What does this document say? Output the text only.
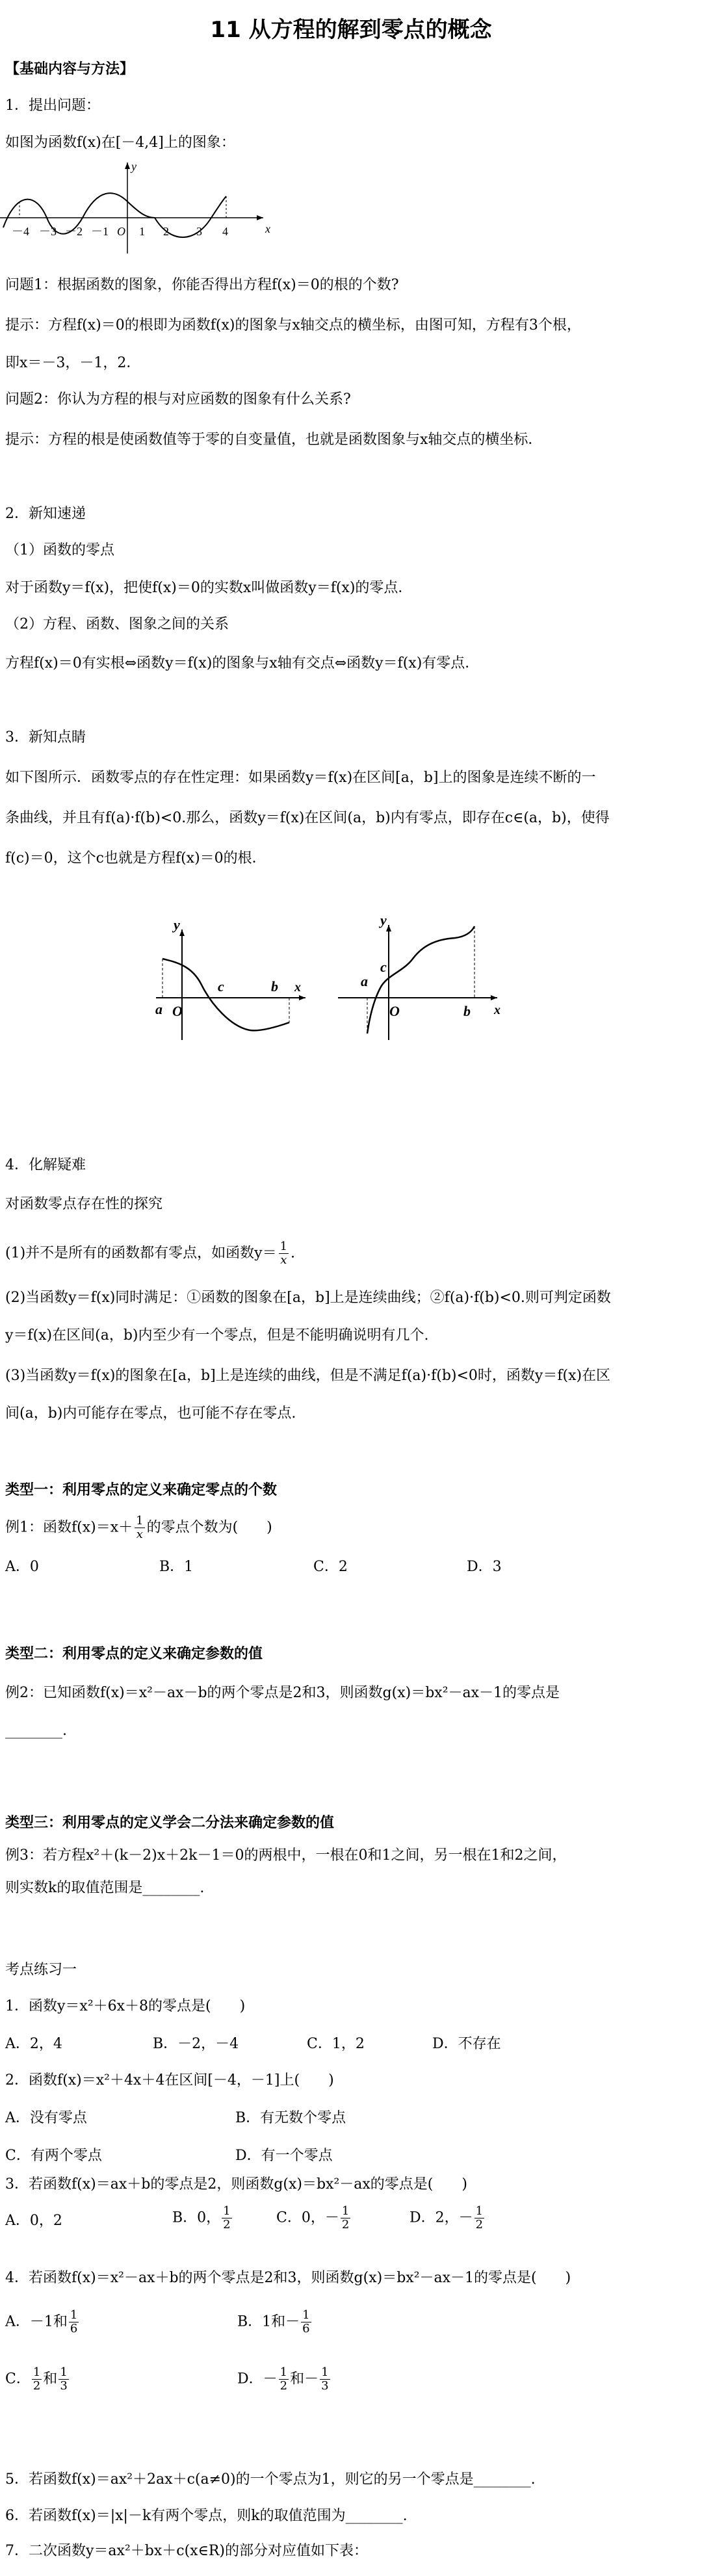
11 从方程的解到零点的概念
【基础内容与方法】
1．提出问题：
如图为函数f(x)在[－4,4]上的图象：
y
x
－4 －3 －2 －1 O 1 2 3 4
问题1：根据函数的图象，你能否得出方程f(x)＝0的根的个数?
提示：方程f(x)＝0的根即为函数f(x)的图象与x轴交点的横坐标，由图可知，方程有3个根，
即x＝－3，－1，2．
问题2：你认为方程的根与对应函数的图象有什么关系?
提示：方程的根是使函数值等于零的自变量值，也就是函数图象与x轴交点的横坐标．
2．新知速递
（1）函数的零点
对于函数y＝f(x)，把使f(x)＝0的实数x叫做函数y＝f(x)的零点．
（2）方程、函数、图象之间的关系
方程f(x)＝0有实根⇔函数y＝f(x)的图象与x轴有交点⇔函数y＝f(x)有零点．
3．新知点睛
如下图所示．函数零点的存在性定理：如果函数y＝f(x)在区间[a，b]上的图象是连续不断的一
条曲线，并且有f(a)·f(b)<0.那么，函数y＝f(x)在区间(a，b)内有零点，即存在c∈(a，b)，使得
f(c)＝0，这个c也就是方程f(x)＝0的根．
y
x
a O
c	b
y
x
a
O
c
b
4．化解疑难
对函数零点存在性的探究
(1)并不是所有的函数都有零点，如函数$y= \frac{1}{x}$ .
(2)当函数y＝f(x)同时满足：①函数的图象在[a，b]上是连续曲线；②f(a)·f(b)<0.则可判定函数
y＝f(x)在区间(a，b)内至少有一个零点，但是不能明确说明有几个.
(3)当函数y＝f(x)的图象在[a，b]上是连续的曲线，但是不满足f(a)·f(b)<0时，函数y＝f(x)在区
间(a，b)内可能存在零点，也可能不存在零点.
类型一：利用零点的定义来确定零点的个数
例1：函数$f(x)=x+ \frac{1}{x}$ 的零点个数为(　　)
A．0	B．1	C．2	D．3
类型二：利用零点的定义来确定参数的值
例2：已知函数f(x)＝x²－ax－b的两个零点是2和3，则函数g(x)＝bx²－ax－1的零点是
________.
类型三：利用零点的定义学会二分法来确定参数的值
例3：若方程x²＋(k－2)x＋2k－1＝0的两根中，一根在0和1之间，另一根在1和2之间，
则实数k的取值范围是________.
考点练习一
1．函数y＝x²＋6x＋8的零点是(　　)
A．2，4	B．－2，－4	C．1，2	D．不存在
2．函数f(x)＝x²＋4x＋4在区间[－4，－1]上(　　)
A．没有零点	B．有无数个零点
C．有两个零点	D．有一个零点
3．若函数f(x)＝ax＋b的零点是2，则函数g(x)＝bx²－ax的零点是(　　)
A．0，2	B．0， $\frac{1}{2}$	C．0，－ $\frac{1}{2}$	D．2，－ $\frac{1}{2}$
4．若函数f(x)＝x²－ax＋b的两个零点是2和3，则函数g(x)＝bx²－ax－1的零点是(　　)
A．－1和 $\frac{1}{6}$	B．1和－ $\frac{1}{6}$
C． $\frac{1}{2}$ 和 $\frac{1}{3}$	D．－ $\frac{1}{2}$ 和－ $\frac{1}{3}$
5．若函数f(x)＝ax²＋2ax＋c(a≠0)的一个零点为1，则它的另一个零点是________.
6．若函数f(x)＝|x|－k有两个零点，则k的取值范围为________.
7．二次函数y＝ax²＋bx＋c(x∈R)的部分对应值如下表：
